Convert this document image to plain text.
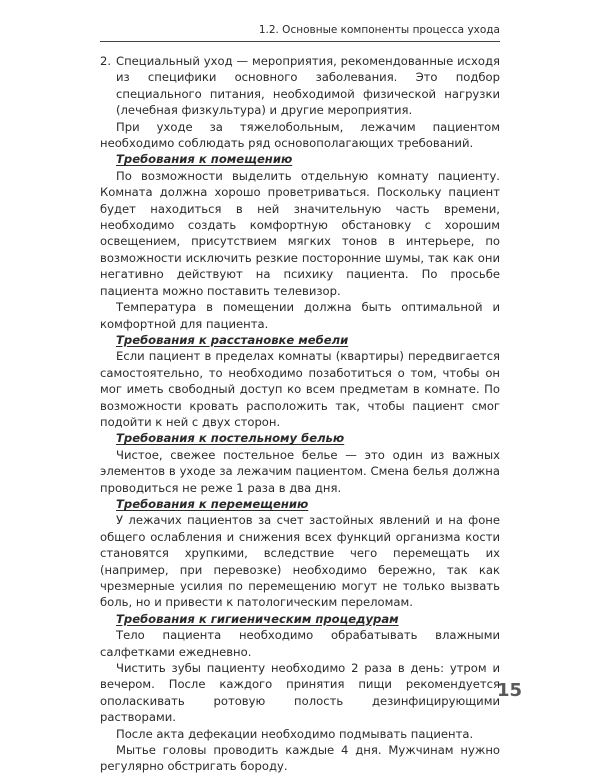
1.2. Основные компоненты процесса ухода
2. Специальный уход — мероприятия, рекомендованные исходя из специфики основного заболевания. Это подбор специального питания, необходимой физической нагрузки (лечебная физкультура) и другие мероприятия.

При уходе за тяжелобольным, лежачим пациентом необходимо соблюдать ряд основополагающих требований.

Требования к помещению

По возможности выделить отдельную комнату пациенту. Комната должна хорошо проветриваться. Поскольку пациент будет находиться в ней значительную часть времени, необходимо создать комфортную обстановку с хорошим освещением, присутствием мягких тонов в интерьере, по возможности исключить резкие посторонние шумы, так как они негативно действуют на психику пациента. По просьбе пациента можно поставить телевизор.

Температура в помещении должна быть оптимальной и комфортной для пациента.

Требования к расстановке мебели

Если пациент в пределах комнаты (квартиры) передвигается самостоятельно, то необходимо позаботиться о том, чтобы он мог иметь свободный доступ ко всем предметам в комнате. По возможности кровать расположить так, чтобы пациент смог подойти к ней с двух сторон.

Требования к постельному белью

Чистое, свежее постельное белье — это один из важных элементов в уходе за лежачим пациентом. Смена белья должна проводиться не реже 1 раза в два дня.

Требования к перемещению

У лежачих пациентов за счет застойных явлений и на фоне общего ослабления и снижения всех функций организма кости становятся хрупкими, вследствие чего перемещать их (например, при перевозке) необходимо бережно, так как чрезмерные усилия по перемещению могут не только вызвать боль, но и привести к патологическим переломам.

Требования к гигиеническим процедурам

Тело пациента необходимо обрабатывать влажными салфетками ежедневно.

Чистить зубы пациенту необходимо 2 раза в день: утром и вечером. После каждого принятия пищи рекомендуется ополаскивать ротовую полость дезинфицирующими растворами.

После акта дефекации необходимо подмывать пациента.

Мытье головы проводить каждые 4 дня. Мужчинам нужно регулярно обстригать бороду.

15
